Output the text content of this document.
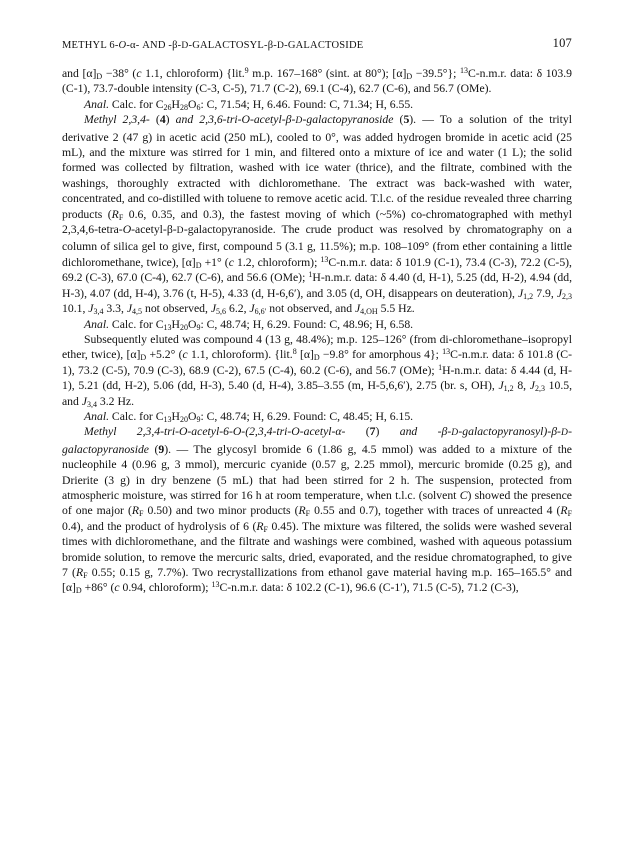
METHYL 6-O-α- AND -β-D-GALACTOSYL-β-D-GALACTOSIDE	107

and $[\alpha]_D -38^\circ$ (c 1.1, chloroform) {lit.$^9$ m.p. 167–168° (sint. at 80°); $[\alpha]_D -39.5^\circ$}; $^{13}$C-n.m.r. data: δ 103.9 (C-1), 73.7-double intensity (C-3, C-5), 71.7 (C-2), 69.1 (C-4), 62.7 (C-6), and 56.7 (OMe).

Anal. Calc. for $C_{26}H_{28}O_6$: C, 71.54; H, 6.46. Found: C, 71.34; H, 6.55.

Methyl 2,3,4- (4) and 2,3,6-tri-O-acetyl-β-D-galactopyranoside (5). — To a solution of the trityl derivative 2 (47 g) in acetic acid (250 mL), cooled to 0°, was added hydrogen bromide in acetic acid (25 mL), and the mixture was stirred for 1 min, and filtered onto a mixture of ice and water (1 L); the solid formed was collected by filtration, washed with ice water (thrice), and the filtrate, combined with the washings, thoroughly extracted with dichloromethane. The extract was back-washed with water, concentrated, and co-distilled with toluene to remove acetic acid. T.l.c. of the residue revealed three charring products ($R_F$ 0.6, 0.35, and 0.3), the fastest moving of which (~5%) co-chromatographed with methyl 2,3,4,6-tetra-O-acetyl-β-D-galactopyranoside. The crude product was resolved by chromatography on a column of silica gel to give, first, compound 5 (3.1 g, 11.5%); m.p. 108–109° (from ether containing a little dichloromethane, twice), $[\alpha]_D +1^\circ$ (c 1.2, chloroform); $^{13}$C-n.m.r. data: δ 101.9 (C-1), 73.4 (C-3), 72.2 (C-5), 69.2 (C-3), 67.0 (C-4), 62.7 (C-6), and 56.6 (OMe); $^1$H-n.m.r. data: δ 4.40 (d, H-1), 5.25 (dd, H-2), 4.94 (dd, H-3), 4.07 (dd, H-4), 3.76 (t, H-5), 4.33 (d, H-6,6′), and 3.05 (d, OH, disappears on deuteration), $J_{1,2}$ 7.9, $J_{2,3}$ 10.1, $J_{3,4}$ 3.3, $J_{4,5}$ not observed, $J_{5,6}$ 6.2, $J_{6,6'}$ not observed, and $J_{4,OH}$ 5.5 Hz.

Anal. Calc. for $C_{13}H_{20}O_9$: C, 48.74; H, 6.29. Found: C, 48.96; H, 6.58.

Subsequently eluted was compound 4 (13 g, 48.4%); m.p. 125–126° (from di-chloromethane–isopropyl ether, twice), $[\alpha]_D +5.2^\circ$ (c 1.1, chloroform). {lit.$^8$ $[\alpha]_D -9.8^\circ$ for amorphous 4}; $^{13}$C-n.m.r. data: δ 101.8 (C-1), 73.2 (C-5), 70.9 (C-3), 68.9 (C-2), 67.5 (C-4), 60.2 (C-6), and 56.7 (OMe); $^1$H-n.m.r. data: δ 4.44 (d, H-1), 5.21 (dd, H-2), 5.06 (dd, H-3), 5.40 (d, H-4), 3.85–3.55 (m, H-5,6,6′), 2.75 (br. s, OH), $J_{1,2}$ 8, $J_{2,3}$ 10.5, and $J_{3,4}$ 3.2 Hz.

Anal. Calc. for $C_{13}H_{20}O_9$: C, 48.74; H, 6.29. Found: C, 48.45; H, 6.15.

Methyl 2,3,4-tri-O-acetyl-6-O-(2,3,4-tri-O-acetyl-α- (7) and -β-D-galactopyranosyl)-β-D-galactopyranoside (9). — The glycosyl bromide 6 (1.86 g, 4.5 mmol) was added to a mixture of the nucleophile 4 (0.96 g, 3 mmol), mercuric cyanide (0.57 g, 2.25 mmol), mercuric bromide (0.25 g), and Drierite (3 g) in dry benzene (5 mL) that had been stirred for 2 h. The suspension, protected from atmospheric moisture, was stirred for 16 h at room temperature, when t.l.c. (solvent C) showed the presence of one major ($R_F$ 0.50) and two minor products ($R_F$ 0.55 and 0.7), together with traces of unreacted 4 ($R_F$ 0.4), and the product of hydrolysis of 6 ($R_F$ 0.45). The mixture was filtered, the solids were washed several times with dichloromethane, and the filtrate and washings were combined, washed with aqueous potassium bromide solution, to remove the mercuric salts, dried, evaporated, and the residue chromatographed, to give 7 ($R_F$ 0.55; 0.15 g, 7.7%). Two recrystallizations from ethanol gave material having m.p. 165–165.5° and $[\alpha]_D +86^\circ$ (c 0.94, chloroform); $^{13}$C-n.m.r. data: δ 102.2 (C-1), 96.6 (C-1′), 71.5 (C-5), 71.2 (C-3),
